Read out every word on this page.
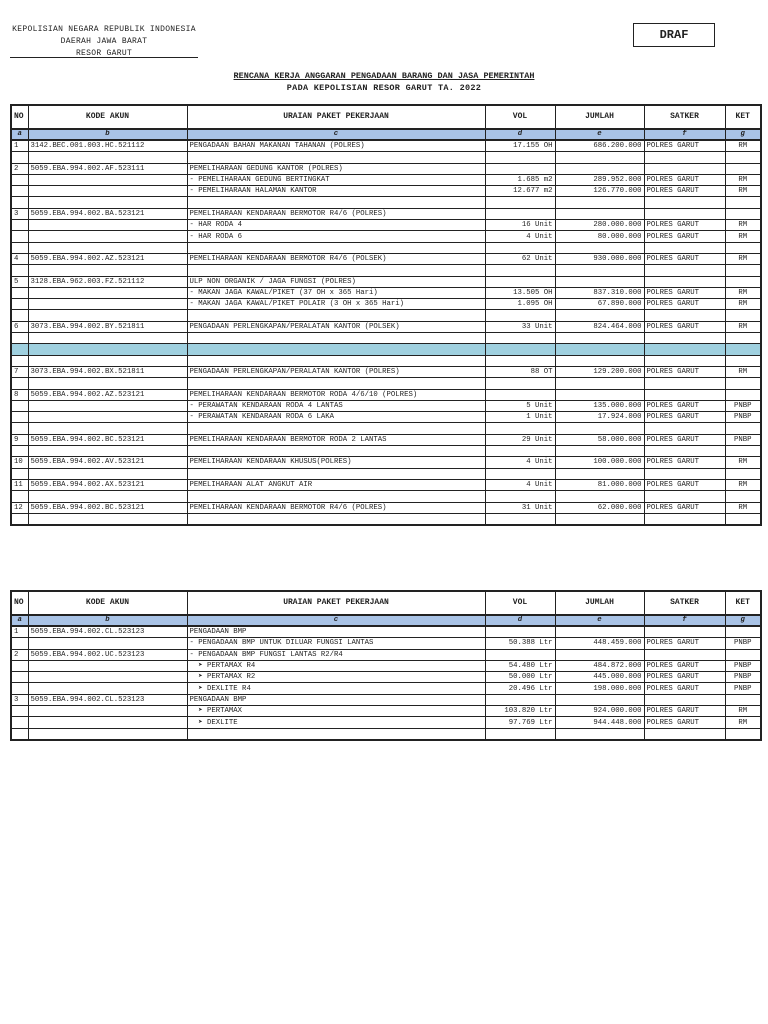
KEPOLISIAN NEGARA REPUBLIK INDONESIA
DAERAH JAWA BARAT
RESOR GARUT
DRAF
RENCANA KERJA ANGGARAN PENGADAAN BARANG DAN JASA PEMERINTAH
PADA KEPOLISIAN RESOR GARUT TA. 2022
NO	KODE AKUN	URAIAN PAKET PEKERJAAN	VOL	JUMLAH	SATKER	KET
a	b	c	d	e	f	g
1	3142.BEC.001.003.HC.521112	PENGADAAN BAHAN MAKANAN TAHANAN (POLRES)	17.155 OH	686.200.000	POLRES GARUT	RM

2	5059.EBA.994.002.AF.523111	PEMELIHARAAN GEDUNG KANTOR (POLRES)				
		- PEMELIHARAAN GEDUNG BERTINGKAT	1.685 m2	289.952.000	POLRES GARUT	RM
		- PEMELIHARAAN HALAMAN KANTOR	12.677 m2	126.770.000	POLRES GARUT	RM

3	5059.EBA.994.002.BA.523121	PEMELIHARAAN KENDARAAN BERMOTOR R4/6 (POLRES)				
		- HAR RODA 4	16 Unit	280.000.000	POLRES GARUT	RM
		- HAR RODA 6	4 Unit	80.000.000	POLRES GARUT	RM

4	5059.EBA.994.002.AZ.523121	PEMELIHARAAN KENDARAAN BERMOTOR R4/6 (POLSEK)	62 Unit	930.000.000	POLRES GARUT	RM

5	3128.EBA.962.003.FZ.521112	ULP NON ORGANIK / JAGA FUNGSI (POLRES)				
		- MAKAN JAGA KAWAL/PIKET (37 OH x 365 Hari)	13.505 OH	837.310.000	POLRES GARUT	RM
		- MAKAN JAGA KAWAL/PIKET POLAIR (3 OH x 365 Hari)	1.095 OH	67.890.000	POLRES GARUT	RM

6	3073.EBA.994.002.BY.521811	PENGADAAN PERLENGKAPAN/PERALATAN KANTOR (POLSEK)	33 Unit	824.464.000	POLRES GARUT	RM

7	3073.EBA.994.002.BX.521811	PENGADAAN PERLENGKAPAN/PERALATAN KANTOR (POLRES)	88 OT	129.200.000	POLRES GARUT	RM

8	5059.EBA.994.002.AZ.523121	PEMELIHARAAN KENDARAAN BERMOTOR RODA 4/6/10 (POLRES)				
		- PERAWATAN KENDARAAN RODA 4 LANTAS	5 Unit	135.000.000	POLRES GARUT	PNBP
		- PERAWATAN KENDARAAN RODA 6 LAKA	1 Unit	17.924.000	POLRES GARUT	PNBP

9	5059.EBA.994.002.BC.523121	PEMELIHARAAN KENDARAAN BERMOTOR RODA 2 LANTAS	29 Unit	58.000.000	POLRES GARUT	PNBP

10	5059.EBA.994.002.AV.523121	PEMELIHARAAN KENDARAAN KHUSUS(POLRES)	4 Unit	100.000.000	POLRES GARUT	RM

11	5059.EBA.994.002.AX.523121	PEMELIHARAAN ALAT ANGKUT AIR	4 Unit	81.000.000	POLRES GARUT	RM

12	5059.EBA.994.002.BC.523121	PEMELIHARAAN KENDARAAN BERMOTOR R4/6 (POLRES)	31 Unit	62.000.000	POLRES GARUT	RM

NO	KODE AKUN	URAIAN PAKET PEKERJAAN	VOL	JUMLAH	SATKER	KET
a	b	c	d	e	f	g
1	5059.EBA.994.002.CL.523123	PENGADAAN BMP				
		- PENGADAAN BMP UNTUK DILUAR FUNGSI LANTAS	50.388 Ltr	448.459.000	POLRES GARUT	PNBP
2	5059.EBA.994.002.UC.523123	- PENGADAAN BMP FUNGSI LANTAS R2/R4				
		➤ PERTAMAX R4	54.480 Ltr	484.872.000	POLRES GARUT	PNBP
		➤ PERTAMAX R2	50.000 Ltr	445.000.000	POLRES GARUT	PNBP
		➤ DEXLITE R4	20.496 Ltr	198.000.000	POLRES GARUT	PNBP
3	5059.EBA.994.002.CL.523123	PENGADAAN BMP				
		➤ PERTAMAX	103.820 Ltr	924.000.000	POLRES GARUT	RM
		➤ DEXLITE	97.769 Ltr	944.448.000	POLRES GARUT	RM
